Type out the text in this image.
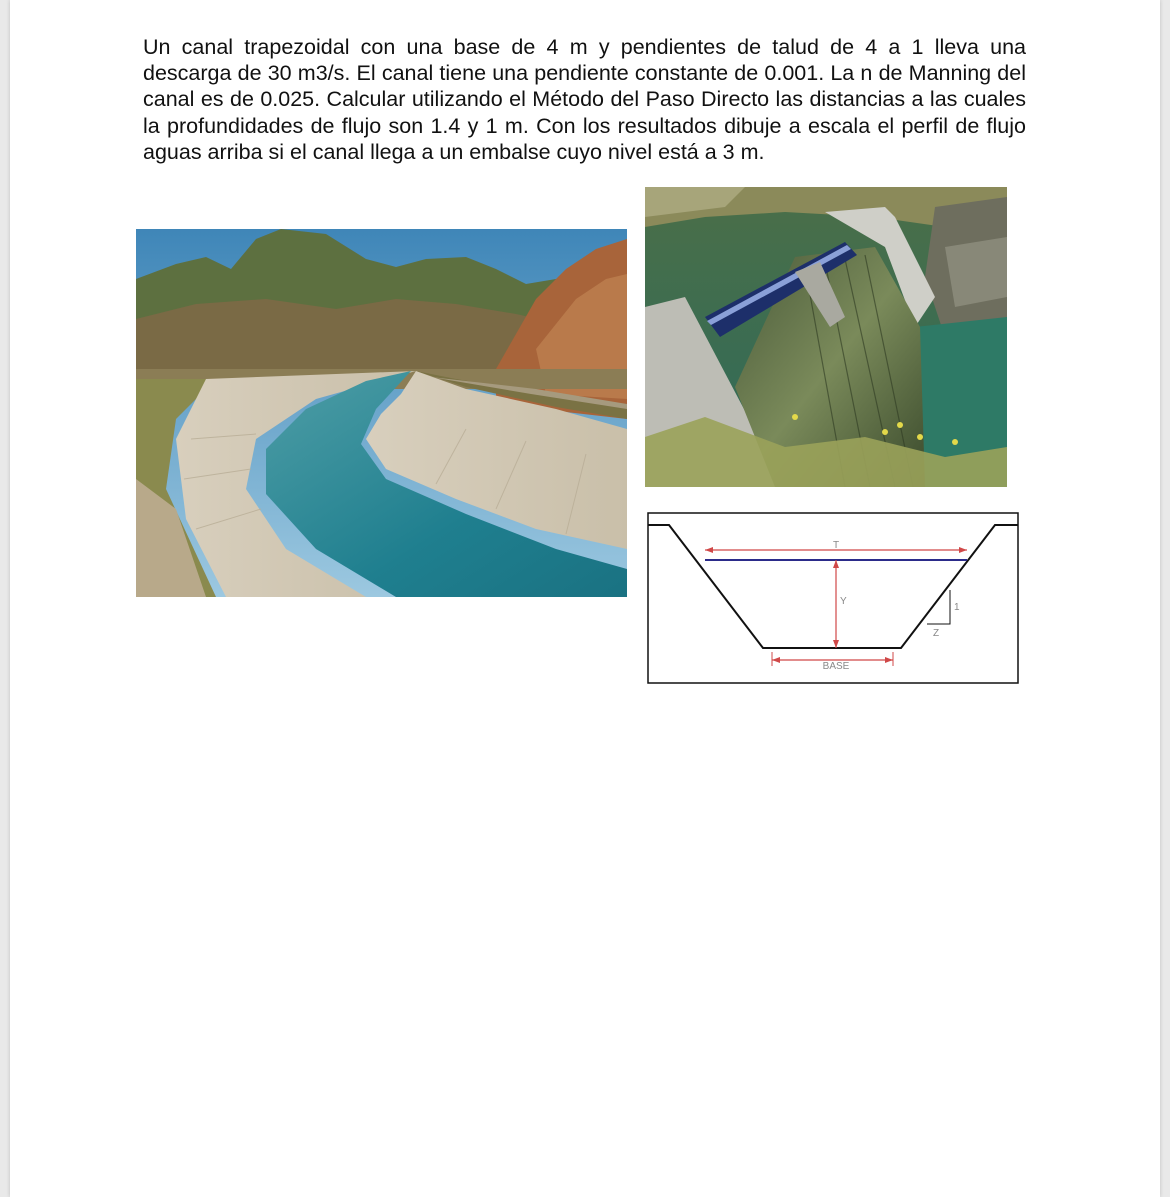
Un canal trapezoidal con una base de 4 m y pendientes de talud de 4 a 1 lleva una descarga de 30 m3/s. El canal tiene una pendiente constante de 0.001. La n de Manning del canal es de 0.025. Calcular utilizando el Método del Paso Directo las distancias a las cuales la profundidades de flujo son 1.4 y 1 m. Con los resultados dibuje a escala el perfil de flujo aguas arriba si el canal llega a un embalse cuyo nivel está a 3 m.

T
Y
1
Z
BASE
